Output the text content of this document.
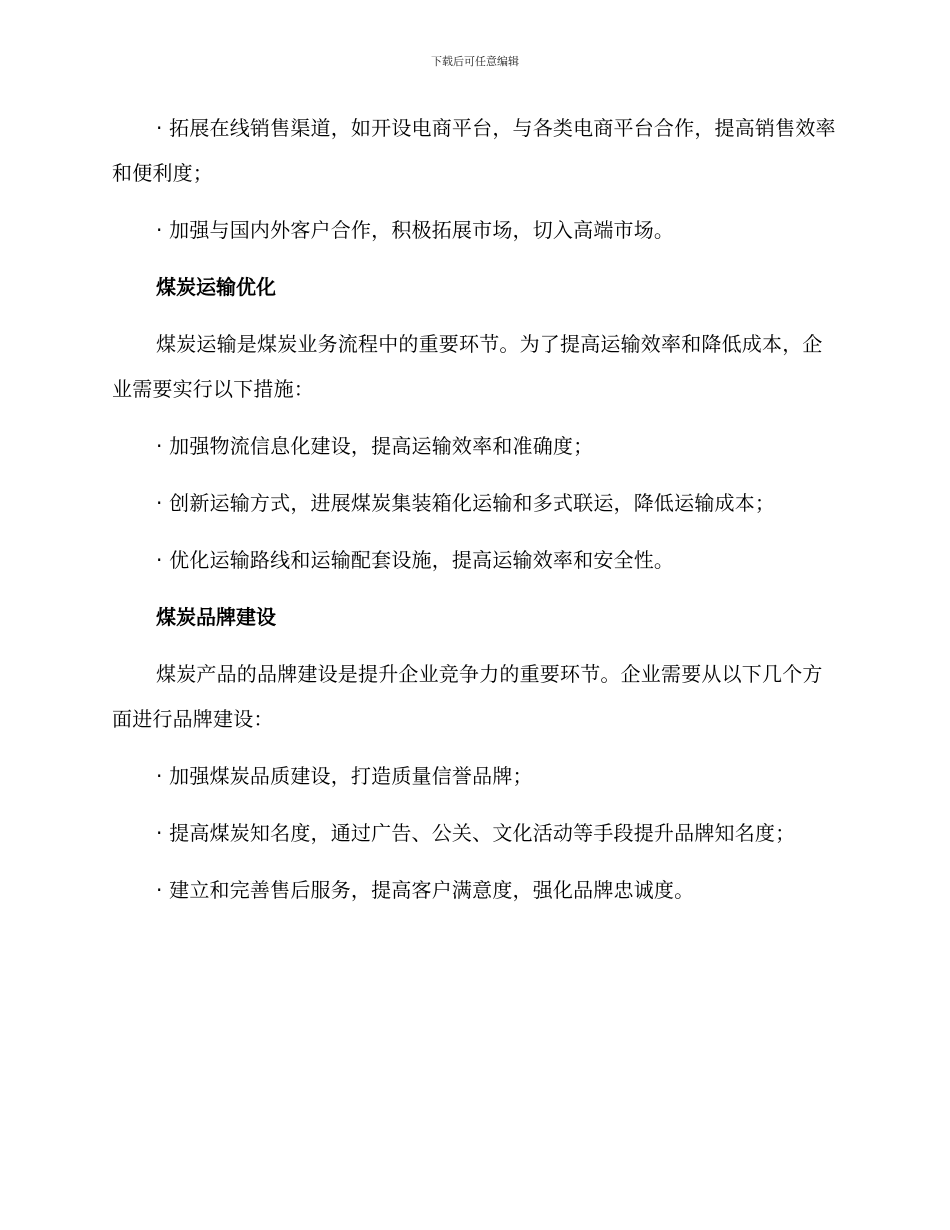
下载后可任意编辑

· 拓展在线销售渠道，如开设电商平台，与各类电商平台合作，提高销售效率和便利度；

· 加强与国内外客户合作，积极拓展市场，切入高端市场。

煤炭运输优化

煤炭运输是煤炭业务流程中的重要环节。为了提高运输效率和降低成本，企业需要实行以下措施：

· 加强物流信息化建设，提高运输效率和准确度；

· 创新运输方式，进展煤炭集装箱化运输和多式联运，降低运输成本；

· 优化运输路线和运输配套设施，提高运输效率和安全性。

煤炭品牌建设

煤炭产品的品牌建设是提升企业竞争力的重要环节。企业需要从以下几个方面进行品牌建设：

· 加强煤炭品质建设，打造质量信誉品牌；

· 提高煤炭知名度，通过广告、公关、文化活动等手段提升品牌知名度；

· 建立和完善售后服务，提高客户满意度，强化品牌忠诚度。
